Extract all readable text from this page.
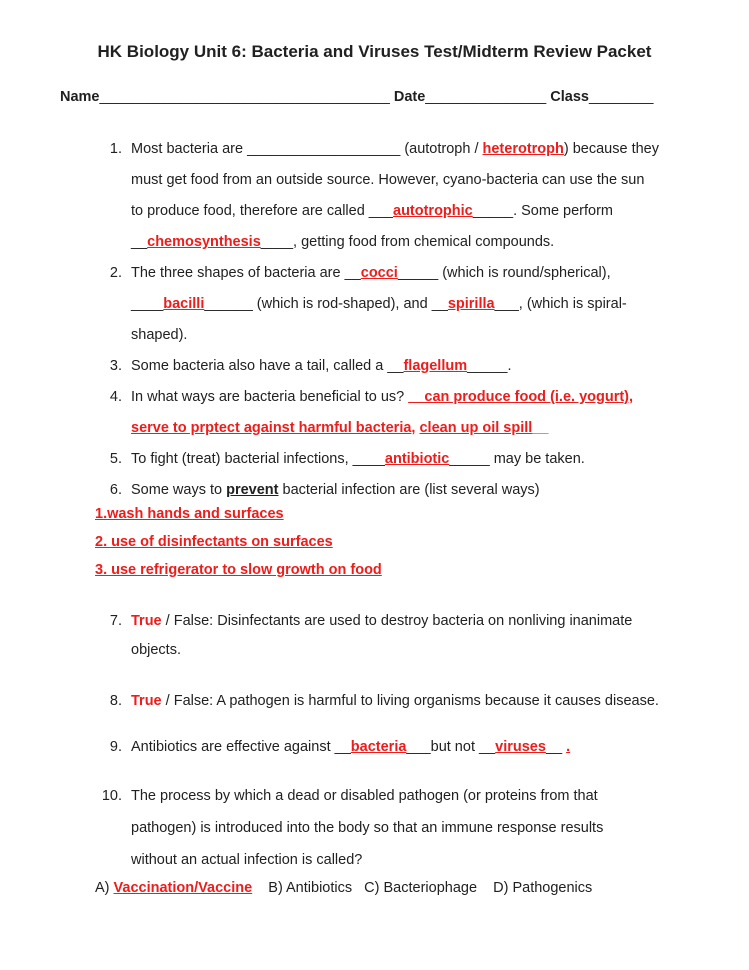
HK Biology Unit 6: Bacteria and Viruses Test/Midterm Review Packet
Name____________________________________ Date_______________ Class________
1. Most bacteria are ___________________ (autotroph / heterotroph) because they
must get food from an outside source. However, cyano-bacteria can use the sun
to produce food, therefore are called ___autotrophic_____. Some perform
__chemosynthesis____, getting food from chemical compounds.
2. The three shapes of bacteria are __cocci_____ (which is round/spherical),
____bacilli______ (which is rod-shaped), and __spirilla___, (which is spiral-
shaped).
3. Some bacteria also have a tail, called a __flagellum_____.
4. In what ways are bacteria beneficial to us? __can produce food (i.e. yogurt),
serve to prptect against harmful bacteria, clean up oil spill__
5. To fight (treat) bacterial infections, ____antibiotic_____ may be taken.
6. Some ways to prevent bacterial infection are (list several ways)
1.wash hands and surfaces
2. use of disinfectants on surfaces
3. use refrigerator to slow growth on food
7. True / False: Disinfectants are used to destroy bacteria on nonliving inanimate
objects.
8. True / False: A pathogen is harmful to living organisms because it causes disease.
9. Antibiotics are effective against __bacteria___but not __viruses__ .
10. The process by which a dead or disabled pathogen (or proteins from that
pathogen) is introduced into the body so that an immune response results
without an actual infection is called?
A) Vaccination/Vaccine    B) Antibiotics   C) Bacteriophage    D) Pathogenics
